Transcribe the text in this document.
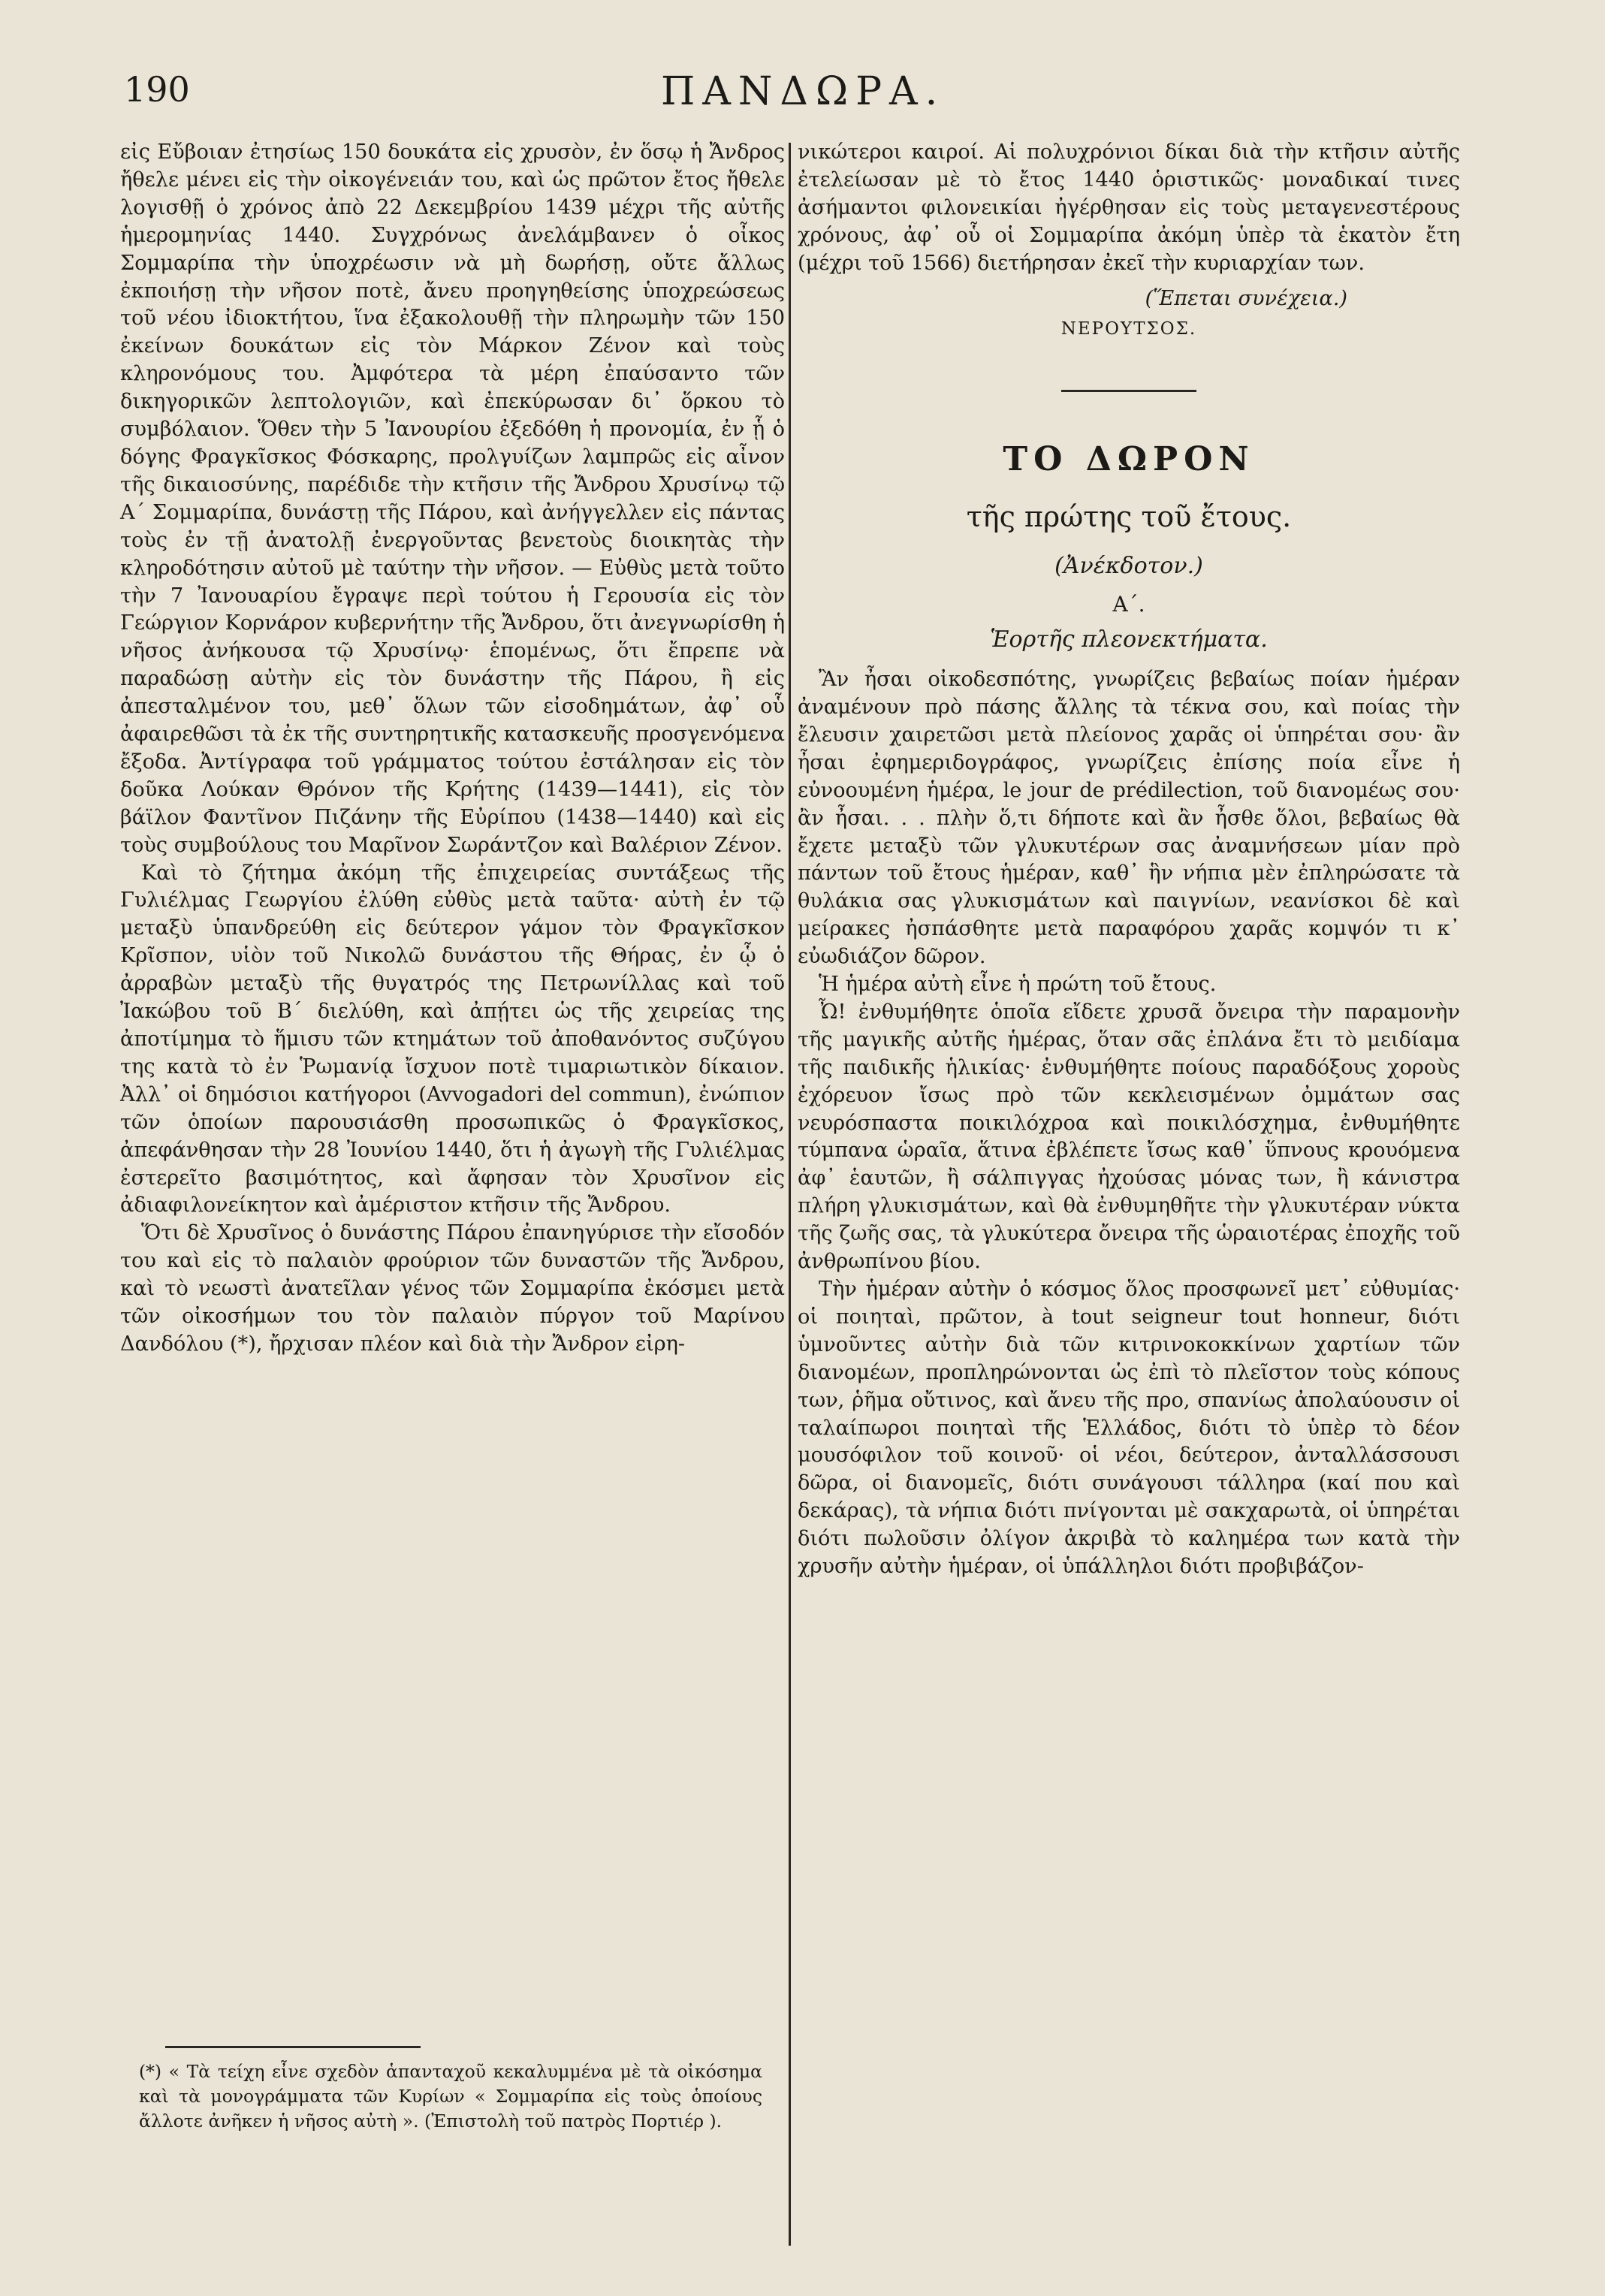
190	ΠΑΝΔΩΡΑ.

εἰς Εὔβοιαν ἐτησίως 150 δουκάτα εἰς χρυσὸν, ἐν ὅσῳ ἡ Ἄνδρος ἤθελε μένει εἰς τὴν οἰκογένειάν του, καὶ ὡς πρῶτον ἔτος ἤθελε λογισθῇ ὁ χρόνος ἀπὸ 22 Δεκεμβρίου 1439 μέχρι τῆς αὐτῆς ἡμερομηνίας 1440. Συγχρόνως ἀνελάμβανεν ὁ οἶκος Σομμαρίπα τὴν ὑποχρέωσιν νὰ μὴ δωρήσῃ, οὔτε ἄλλως ἐκποιήσῃ τὴν νῆσον ποτὲ, ἄνευ προηγηθείσης ὑποχρεώσεως τοῦ νέου ἰδιοκτήτου, ἵνα ἐξακολουθῇ τὴν πληρωμὴν τῶν 150 ἐκείνων δουκάτων εἰς τὸν Μάρκον Ζένον καὶ τοὺς κληρονόμους του. Ἀμφότερα τὰ μέρη ἐπαύσαντο τῶν δικηγορικῶν λεπτολογιῶν, καὶ ἐπεκύρωσαν δι᾽ ὅρκου τὸ συμβόλαιον. Ὅθεν τὴν 5 Ἰανουρίου ἐξεδόθη ἡ προνομία, ἐν ᾗ ὁ δόγης Φραγκῖσκος Φόσκαρης, προλγυίζων λαμπρῶς εἰς αἶνον τῆς δικαιοσύνης, παρέδιδε τὴν κτῆσιν τῆς Ἄνδρου Χρυσίνῳ τῷ Α´ Σομμαρίπα, δυνάστῃ τῆς Πάρου, καὶ ἀνήγγελλεν εἰς πάντας τοὺς ἐν τῇ ἀνατολῇ ἐνεργοῦντας βενετοὺς διοικητὰς τὴν κληροδότησιν αὐτοῦ μὲ ταύτην τὴν νῆσον. — Εὐθὺς μετὰ τοῦτο τὴν 7 Ἰανουαρίου ἔγραψε περὶ τούτου ἡ Γερουσία εἰς τὸν Γεώργιον Κορνάρον κυβερνήτην τῆς Ἄνδρου, ὅτι ἀνεγνωρίσθη ἡ νῆσος ἀνήκουσα τῷ Χρυσίνῳ· ἑπομένως, ὅτι ἔπρεπε νὰ παραδώσῃ αὐτὴν εἰς τὸν δυνάστην τῆς Πάρου, ἢ εἰς ἀπεσταλμένον του, μεθ᾽ ὅλων τῶν εἰσοδημάτων, ἀφ᾽ οὗ ἀφαιρεθῶσι τὰ ἐκ τῆς συντηρητικῆς κατασκευῆς προσγενόμενα ἔξοδα. Ἀντίγραφα τοῦ γράμματος τούτου ἐστάλησαν εἰς τὸν δοῦκα Λούκαν Θρόνον τῆς Κρήτης (1439—1441), εἰς τὸν βάϊλον Φαντῖνον Πιζάνην τῆς Εὐρίπου (1438—1440) καὶ εἰς τοὺς συμβούλους του Μαρῖνον Σωράντζον καὶ Βαλέριον Ζένον.

Καὶ τὸ ζήτημα ἀκόμη τῆς ἐπιχειρείας συντάξεως τῆς Γυλιέλμας Γεωργίου ἐλύθη εὐθὺς μετὰ ταῦτα· αὐτὴ ἐν τῷ μεταξὺ ὑπανδρεύθη εἰς δεύτερον γάμον τὸν Φραγκῖσκον Κρῖσπον, υἱὸν τοῦ Νικολῶ δυνάστου τῆς Θήρας, ἐν ᾧ ὁ ἀρραβὼν μεταξὺ τῆς θυγατρός της Πετρωνίλλας καὶ τοῦ Ἰακώβου τοῦ Β´ διελύθη, καὶ ἀπῄτει ὡς τῆς χειρείας της ἀποτίμημα τὸ ἥμισυ τῶν κτημάτων τοῦ ἀποθανόντος συζύγου της κατὰ τὸ ἐν Ῥωμανίᾳ ἴσχυον ποτὲ τιμαριωτικὸν δίκαιον. Ἀλλ᾽ οἱ δημόσιοι κατήγοροι (Avvogadori del commun), ἐνώπιον τῶν ὁποίων παρουσιάσθη προσωπικῶς ὁ Φραγκῖσκος, ἀπεφάνθησαν τὴν 28 Ἰουνίου 1440, ὅτι ἡ ἀγωγὴ τῆς Γυλιέλμας ἐστερεῖτο βασιμότητος, καὶ ἄφησαν τὸν Χρυσῖνον εἰς ἀδιαφιλονείκητον καὶ ἀμέριστον κτῆσιν τῆς Ἄνδρου.

Ὅτι δὲ Χρυσῖνος ὁ δυνάστης Πάρου ἐπανηγύρισε τὴν εἴσοδόν του καὶ εἰς τὸ παλαιὸν φρούριον τῶν δυναστῶν τῆς Ἄνδρου, καὶ τὸ νεωστὶ ἀνατεῖλαν γένος τῶν Σομμαρίπα ἐκόσμει μετὰ τῶν οἰκοσήμων του τὸν παλαιὸν πύργον τοῦ Μαρίνου Δανδόλου (*), ἤρχισαν πλέον καὶ διὰ τὴν Ἄνδρον εἰρη-

(*) « Τὰ τείχη εἶνε σχεδὸν ἁπανταχοῦ κεκαλυμμένα μὲ τὰ οἰκόσημα καὶ τὰ μονογράμματα τῶν Κυρίων « Σομμαρίπα εἰς τοὺς ὁποίους ἄλλοτε ἀνῆκεν ἡ νῆσος αὐτὴ ». (Ἐπιστολὴ τοῦ πατρὸς Πορτιέρ ).

νικώτεροι καιροί. Αἱ πολυχρόνιοι δίκαι διὰ τὴν κτῆσιν αὐτῆς ἐτελείωσαν μὲ τὸ ἔτος 1440 ὁριστικῶς· μοναδικαί τινες ἀσήμαντοι φιλονεικίαι ἠγέρθησαν εἰς τοὺς μεταγενεστέρους χρόνους, ἀφ᾽ οὗ οἱ Σομμαρίπα ἀκόμη ὑπὲρ τὰ ἑκατὸν ἔτη (μέχρι τοῦ 1566) διετήρησαν ἐκεῖ τὴν κυριαρχίαν των.

(Ἕπεται συνέχεια.)

ΝΕΡΟΥΤΣΟΣ.

ΤΟ ΔΩΡΟΝ

τῆς πρώτης τοῦ ἔτους.

(Ἀνέκδοτον.)

Α´.

Ἑορτῆς πλεονεκτήματα.

Ἂν ἦσαι οἰκοδεσπότης, γνωρίζεις βεβαίως ποίαν ἡμέραν ἀναμένουν πρὸ πάσης ἄλλης τὰ τέκνα σου, καὶ ποίας τὴν ἔλευσιν χαιρετῶσι μετὰ πλείονος χαρᾶς οἱ ὑπηρέται σου· ἂν ἦσαι ἐφημεριδογράφος, γνωρίζεις ἐπίσης ποία εἶνε ἡ εὐνοουμένη ἡμέρα, le jour de prédilection, τοῦ διανομέως σου· ἂν ἦσαι. . . πλὴν ὅ,τι δήποτε καὶ ἂν ἦσθε ὅλοι, βεβαίως θὰ ἔχετε μεταξὺ τῶν γλυκυτέρων σας ἀναμνήσεων μίαν πρὸ πάντων τοῦ ἔτους ἡμέραν, καθ᾽ ἣν νήπια μὲν ἐπληρώσατε τὰ θυλάκια σας γλυκισμάτων καὶ παιγνίων, νεανίσκοι δὲ καὶ μείρακες ἠσπάσθητε μετὰ παραφόρου χαρᾶς κομψόν τι κ᾽ εὐωδιάζον δῶρον.

Ἡ ἡμέρα αὐτὴ εἶνε ἡ πρώτη τοῦ ἔτους.

Ὦ! ἐνθυμήθητε ὁποῖα εἴδετε χρυσᾶ ὄνειρα τὴν παραμονὴν τῆς μαγικῆς αὐτῆς ἡμέρας, ὅταν σᾶς ἐπλάνα ἔτι τὸ μειδίαμα τῆς παιδικῆς ἡλικίας· ἐνθυμήθητε ποίους παραδόξους χοροὺς ἐχόρευον ἴσως πρὸ τῶν κεκλεισμένων ὀμμάτων σας νευρόσπαστα ποικιλόχροα καὶ ποικιλόσχημα, ἐνθυμήθητε τύμπανα ὡραῖα, ἅτινα ἐβλέπετε ἴσως καθ᾽ ὕπνους κρουόμενα ἀφ᾽ ἑαυτῶν, ἢ σάλπιγγας ἠχούσας μόνας των, ἢ κάνιστρα πλήρη γλυκισμάτων, καὶ θὰ ἐνθυμηθῆτε τὴν γλυκυτέραν νύκτα τῆς ζωῆς σας, τὰ γλυκύτερα ὄνειρα τῆς ὡραιοτέρας ἐποχῆς τοῦ ἀνθρωπίνου βίου.

Τὴν ἡμέραν αὐτὴν ὁ κόσμος ὅλος προσφωνεῖ μετ᾽ εὐθυμίας· οἱ ποιηταὶ, πρῶτον, à tout seigneur tout honneur, διότι ὑμνοῦντες αὐτὴν διὰ τῶν κιτρινοκοκκίνων χαρτίων τῶν διανομέων, προπληρώνονται ὡς ἐπὶ τὸ πλεῖστον τοὺς κόπους των, ῥῆμα οὔτινος, καὶ ἄνευ τῆς προ, σπανίως ἀπολαύουσιν οἱ ταλαίπωροι ποιηταὶ τῆς Ἑλλάδος, διότι τὸ ὑπὲρ τὸ δέον μουσόφιλον τοῦ κοινοῦ· οἱ νέοι, δεύτερον, ἀνταλλάσσουσι δῶρα, οἱ διανομεῖς, διότι συνάγουσι τάλληρα (καί που καὶ δεκάρας), τὰ νήπια διότι πνίγονται μὲ σακχαρωτὰ, οἱ ὑπηρέται διότι πωλοῦσιν ὀλίγον ἀκριβὰ τὸ καλημέρα των κατὰ τὴν χρυσῆν αὐτὴν ἡμέραν, οἱ ὑπάλληλοι διότι προβιβάζον-
